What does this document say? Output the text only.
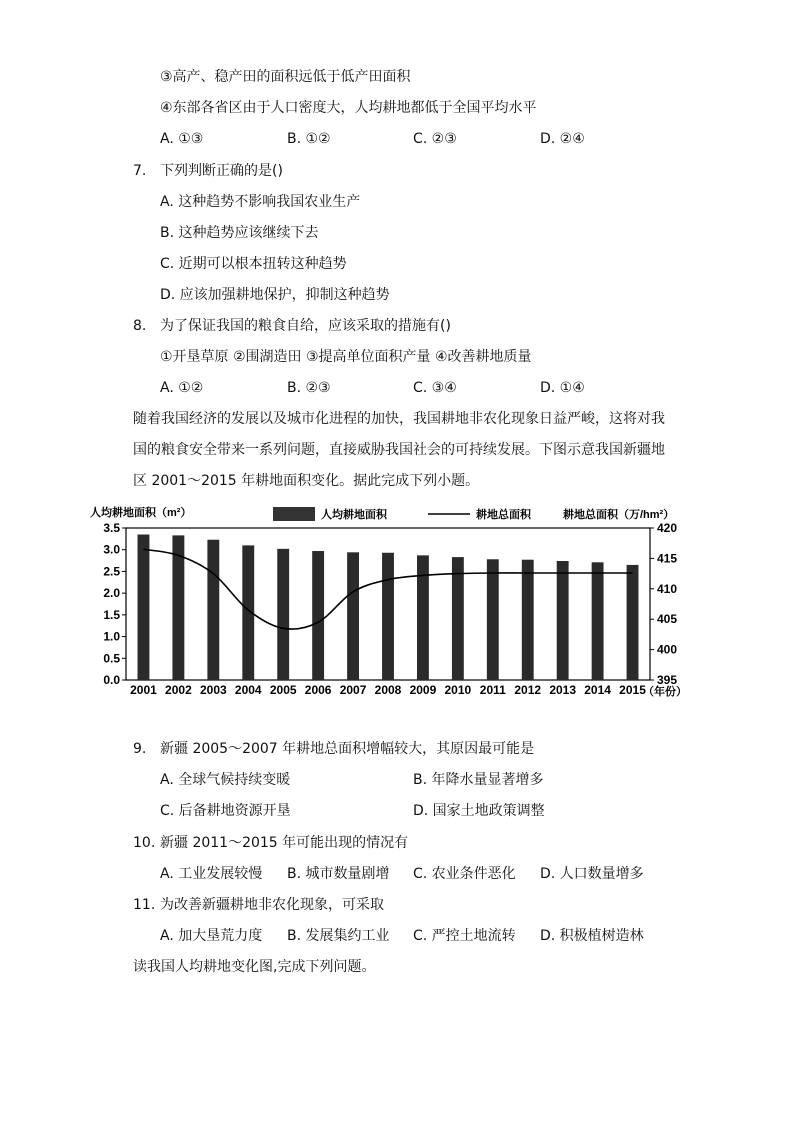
③高产、稳产田的面积远低于低产田面积
④东部各省区由于人口密度大，人均耕地都低于全国平均水平
A. ①③	B. ①②	C. ②③	D. ②④
7. 下列判断正确的是()
A. 这种趋势不影响我国农业生产
B. 这种趋势应该继续下去
C. 近期可以根本扭转这种趋势
D. 应该加强耕地保护，抑制这种趋势
8. 为了保证我国的粮食自给，应该采取的措施有()
①开垦草原 ②围湖造田 ③提高单位面积产量 ④改善耕地质量
A. ①②	B. ②③	C. ③④	D. ①④
随着我国经济的发展以及城市化进程的加快，我国耕地非农化现象日益严峻，这将对我
国的粮食安全带来一系列问题，直接威胁我国社会的可持续发展。下图示意我国新疆地
区 2001～2015 年耕地面积变化。据此完成下列小题。
人均耕地面积（m²）	人均耕地面积	耕地总面积	耕地总面积（万/hm²）
0.0
0.5
1.0
1.5
2.0
2.5
3.0
3.5
395
400
405
410
415
420
2001 2002 2003 2004 2005 2006 2007 2008 2009 2010 2011 2012 2013 2014 2015
（年份）
9. 新疆 2005～2007 年耕地总面积增幅较大，其原因最可能是
A. 全球气候持续变暖	B. 年降水量显著增多
C. 后备耕地资源开垦	D. 国家土地政策调整
10. 新疆 2011～2015 年可能出现的情况有
A. 工业发展较慢 B. 城市数量剧增 C. 农业条件恶化 D. 人口数量增多
11. 为改善新疆耕地非农化现象，可采取
A. 加大垦荒力度 B. 发展集约工业 C. 严控土地流转 D. 积极植树造林
读我国人均耕地变化图,完成下列问题。
